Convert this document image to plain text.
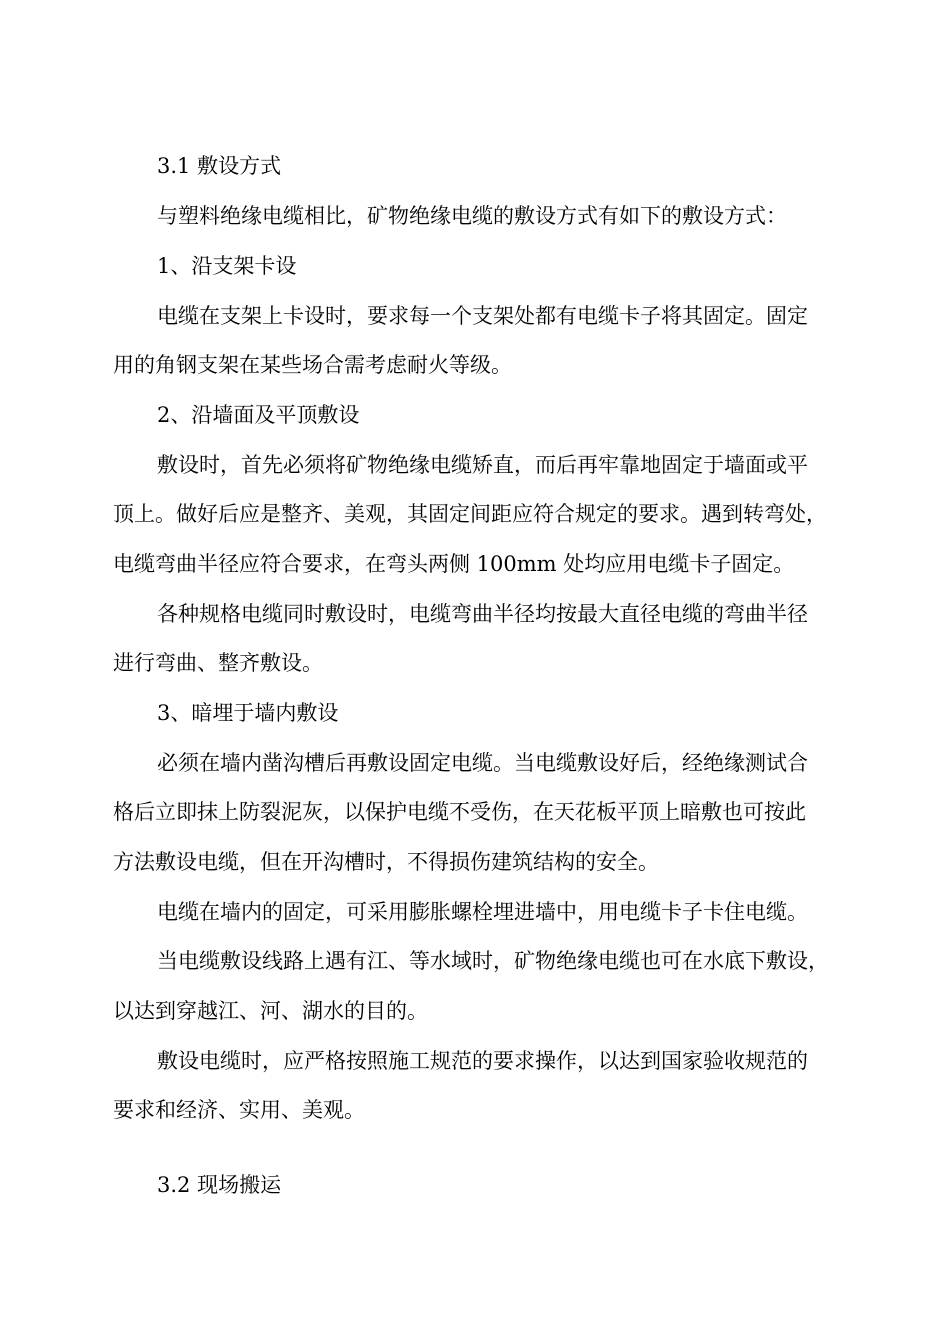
3.1 敷设方式
与塑料绝缘电缆相比，矿物绝缘电缆的敷设方式有如下的敷设方式：
1、沿支架卡设
电缆在支架上卡设时，要求每一个支架处都有电缆卡子将其固定。固定
用的角钢支架在某些场合需考虑耐火等级。
2、沿墙面及平顶敷设
敷设时，首先必须将矿物绝缘电缆矫直，而后再牢靠地固定于墙面或平
顶上。做好后应是整齐、美观，其固定间距应符合规定的要求。遇到转弯处，
电缆弯曲半径应符合要求，在弯头两侧 100mm 处均应用电缆卡子固定。
各种规格电缆同时敷设时，电缆弯曲半径均按最大直径电缆的弯曲半径
进行弯曲、整齐敷设。
3、暗埋于墙内敷设
必须在墙内凿沟槽后再敷设固定电缆。当电缆敷设好后，经绝缘测试合
格后立即抹上防裂泥灰，以保护电缆不受伤，在天花板平顶上暗敷也可按此
方法敷设电缆，但在开沟槽时，不得损伤建筑结构的安全。
电缆在墙内的固定，可采用膨胀螺栓埋进墙中，用电缆卡子卡住电缆。
当电缆敷设线路上遇有江、等水域时，矿物绝缘电缆也可在水底下敷设，
以达到穿越江、河、湖水的目的。
敷设电缆时，应严格按照施工规范的要求操作，以达到国家验收规范的
要求和经济、实用、美观。
3.2 现场搬运
